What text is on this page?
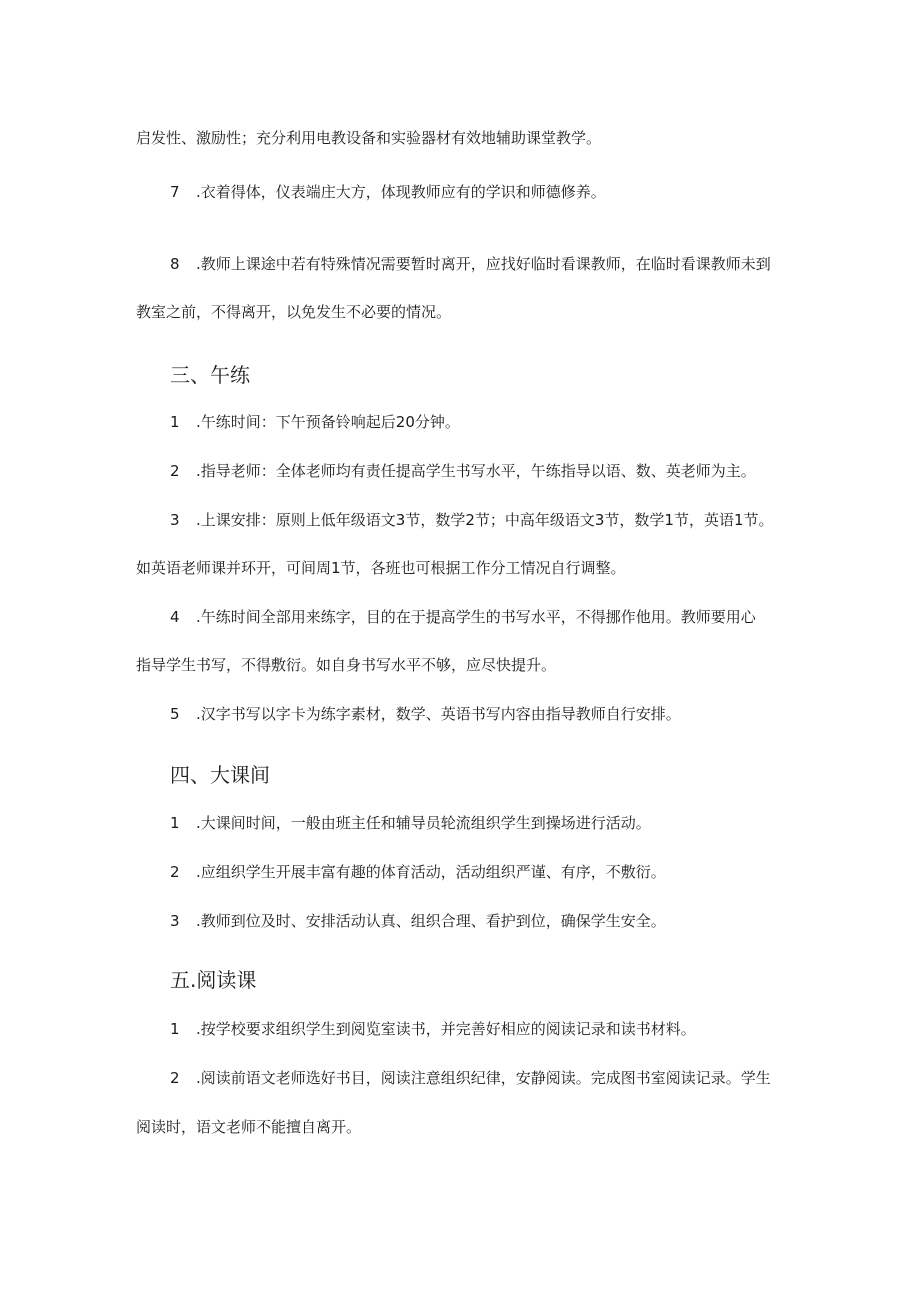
启发性、激励性；充分利用电教设备和实验器材有效地辅助课堂教学。
7 .衣着得体，仪表端庄大方，体现教师应有的学识和师德修养。
8 .教师上课途中若有特殊情况需要暂时离开，应找好临时看课教师，在临时看课教师未到
教室之前，不得离开，以免发生不必要的情况。
三、午练
1 .午练时间：下午预备铃响起后20分钟。
2 .指导老师：全体老师均有责任提高学生书写水平，午练指导以语、数、英老师为主。
3 .上课安排：原则上低年级语文3节，数学2节；中高年级语文3节，数学1节，英语1节。
如英语老师课并环开，可间周1节，各班也可根据工作分工情况自行调整。
4 .午练时间全部用来练字，目的在于提高学生的书写水平，不得挪作他用。教师要用心
指导学生书写，不得敷衍。如自身书写水平不够，应尽快提升。
5 .汉字书写以字卡为练字素材，数学、英语书写内容由指导教师自行安排。
四、大课间
1 .大课间时间，一般由班主任和辅导员轮流组织学生到操场进行活动。
2 .应组织学生开展丰富有趣的体育活动，活动组织严谨、有序，不敷衍。
3 .教师到位及时、安排活动认真、组织合理、看护到位，确保学生安全。
五.阅读课
1 .按学校要求组织学生到阅览室读书，并完善好相应的阅读记录和读书材料。
2 .阅读前语文老师选好书目，阅读注意组织纪律，安静阅读。完成图书室阅读记录。学生
阅读时，语文老师不能擅自离开。
